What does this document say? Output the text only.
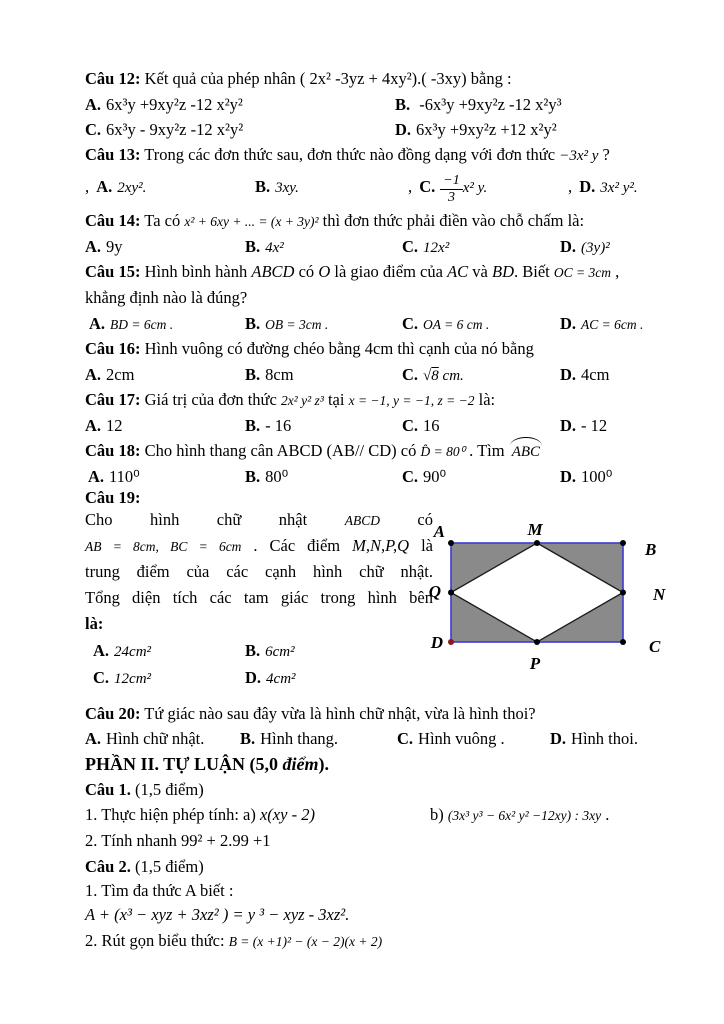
Câu 12: Kết quả của phép nhân ( 2x² -3yz + 4xy²).( -3xy) bằng :
A. 6x³y +9xy²z -12 x²y²	B. -6x³y +9xy²z -12 x²y³
C. 6x³y - 9xy²z -12 x²y²	D. 6x³y +9xy²z +12 x²y²
Câu 13: Trong các đơn thức sau, đơn thức nào đồng dạng với đơn thức −3x² y ?
, A. 2xy².	B. 3xy.	, C. $\frac{-1}{3} x^2$ y.	, D. 3x² y².
Câu 14: Ta có x² + 6xy + ... = (x + 3y)² thì đơn thức phải điền vào chỗ chấm là:
A. 9y	B. 4x²	C. 12x²	D. (3y)²
Câu 15: Hình bình hành ABCD có O là giao điểm của AC và BD. Biết OC = 3cm ,
khẳng định nào là đúng?
A. BD = 6cm .	B. OB = 3cm .	C. OA = 6 cm .	D. AC = 6cm .
Câu 16: Hình vuông có đường chéo bằng 4cm thì cạnh của nó bằng
A. 2cm	B. 8cm	C. √8 cm.	D. 4cm
Câu 17: Giá trị của đơn thức 2x² y² z³ tại x = −1, y = −1, z = −2 là:
A. 12	B. - 16	C. 16	D. - 12
Câu 18: Cho hình thang cân ABCD (AB// CD) có D̂ = 80⁰ . Tìm ABC
A. 110⁰	B. 80⁰	C. 90⁰	D. 100⁰
Câu 19:
Cho hình chữ nhật ABCD có
AB = 8cm, BC = 6cm . Các điểm M,N,P,Q là
trung điểm của các cạnh hình chữ nhật.
Tổng diện tích các tam giác trong hình bên
là:
A	M
B
Q	N
D
P
C
A. 24cm²	B. 6cm²
C. 12cm²	D. 4cm²
Câu 20: Tứ giác nào sau đây vừa là hình chữ nhật, vừa là hình thoi?
A. Hình chữ nhật. B. Hình thang.	C. Hình vuông .	D. Hình thoi.
PHẦN II. TỰ LUẬN (5,0 điểm).
Câu 1. (1,5 điểm)
1. Thực hiện phép tính: a) x(xy - 2)	b) (3x³ y³ − 6x² y² −12xy) : 3xy .
2. Tính nhanh 99² + 2.99 +1
Câu 2. (1,5 điểm)
1. Tìm đa thức A biết :
A + (x³ − xyz + 3xz² ) = y ³ − xyz - 3xz².
2. Rút gọn biểu thức: B = (x +1)² − (x − 2)(x + 2)
